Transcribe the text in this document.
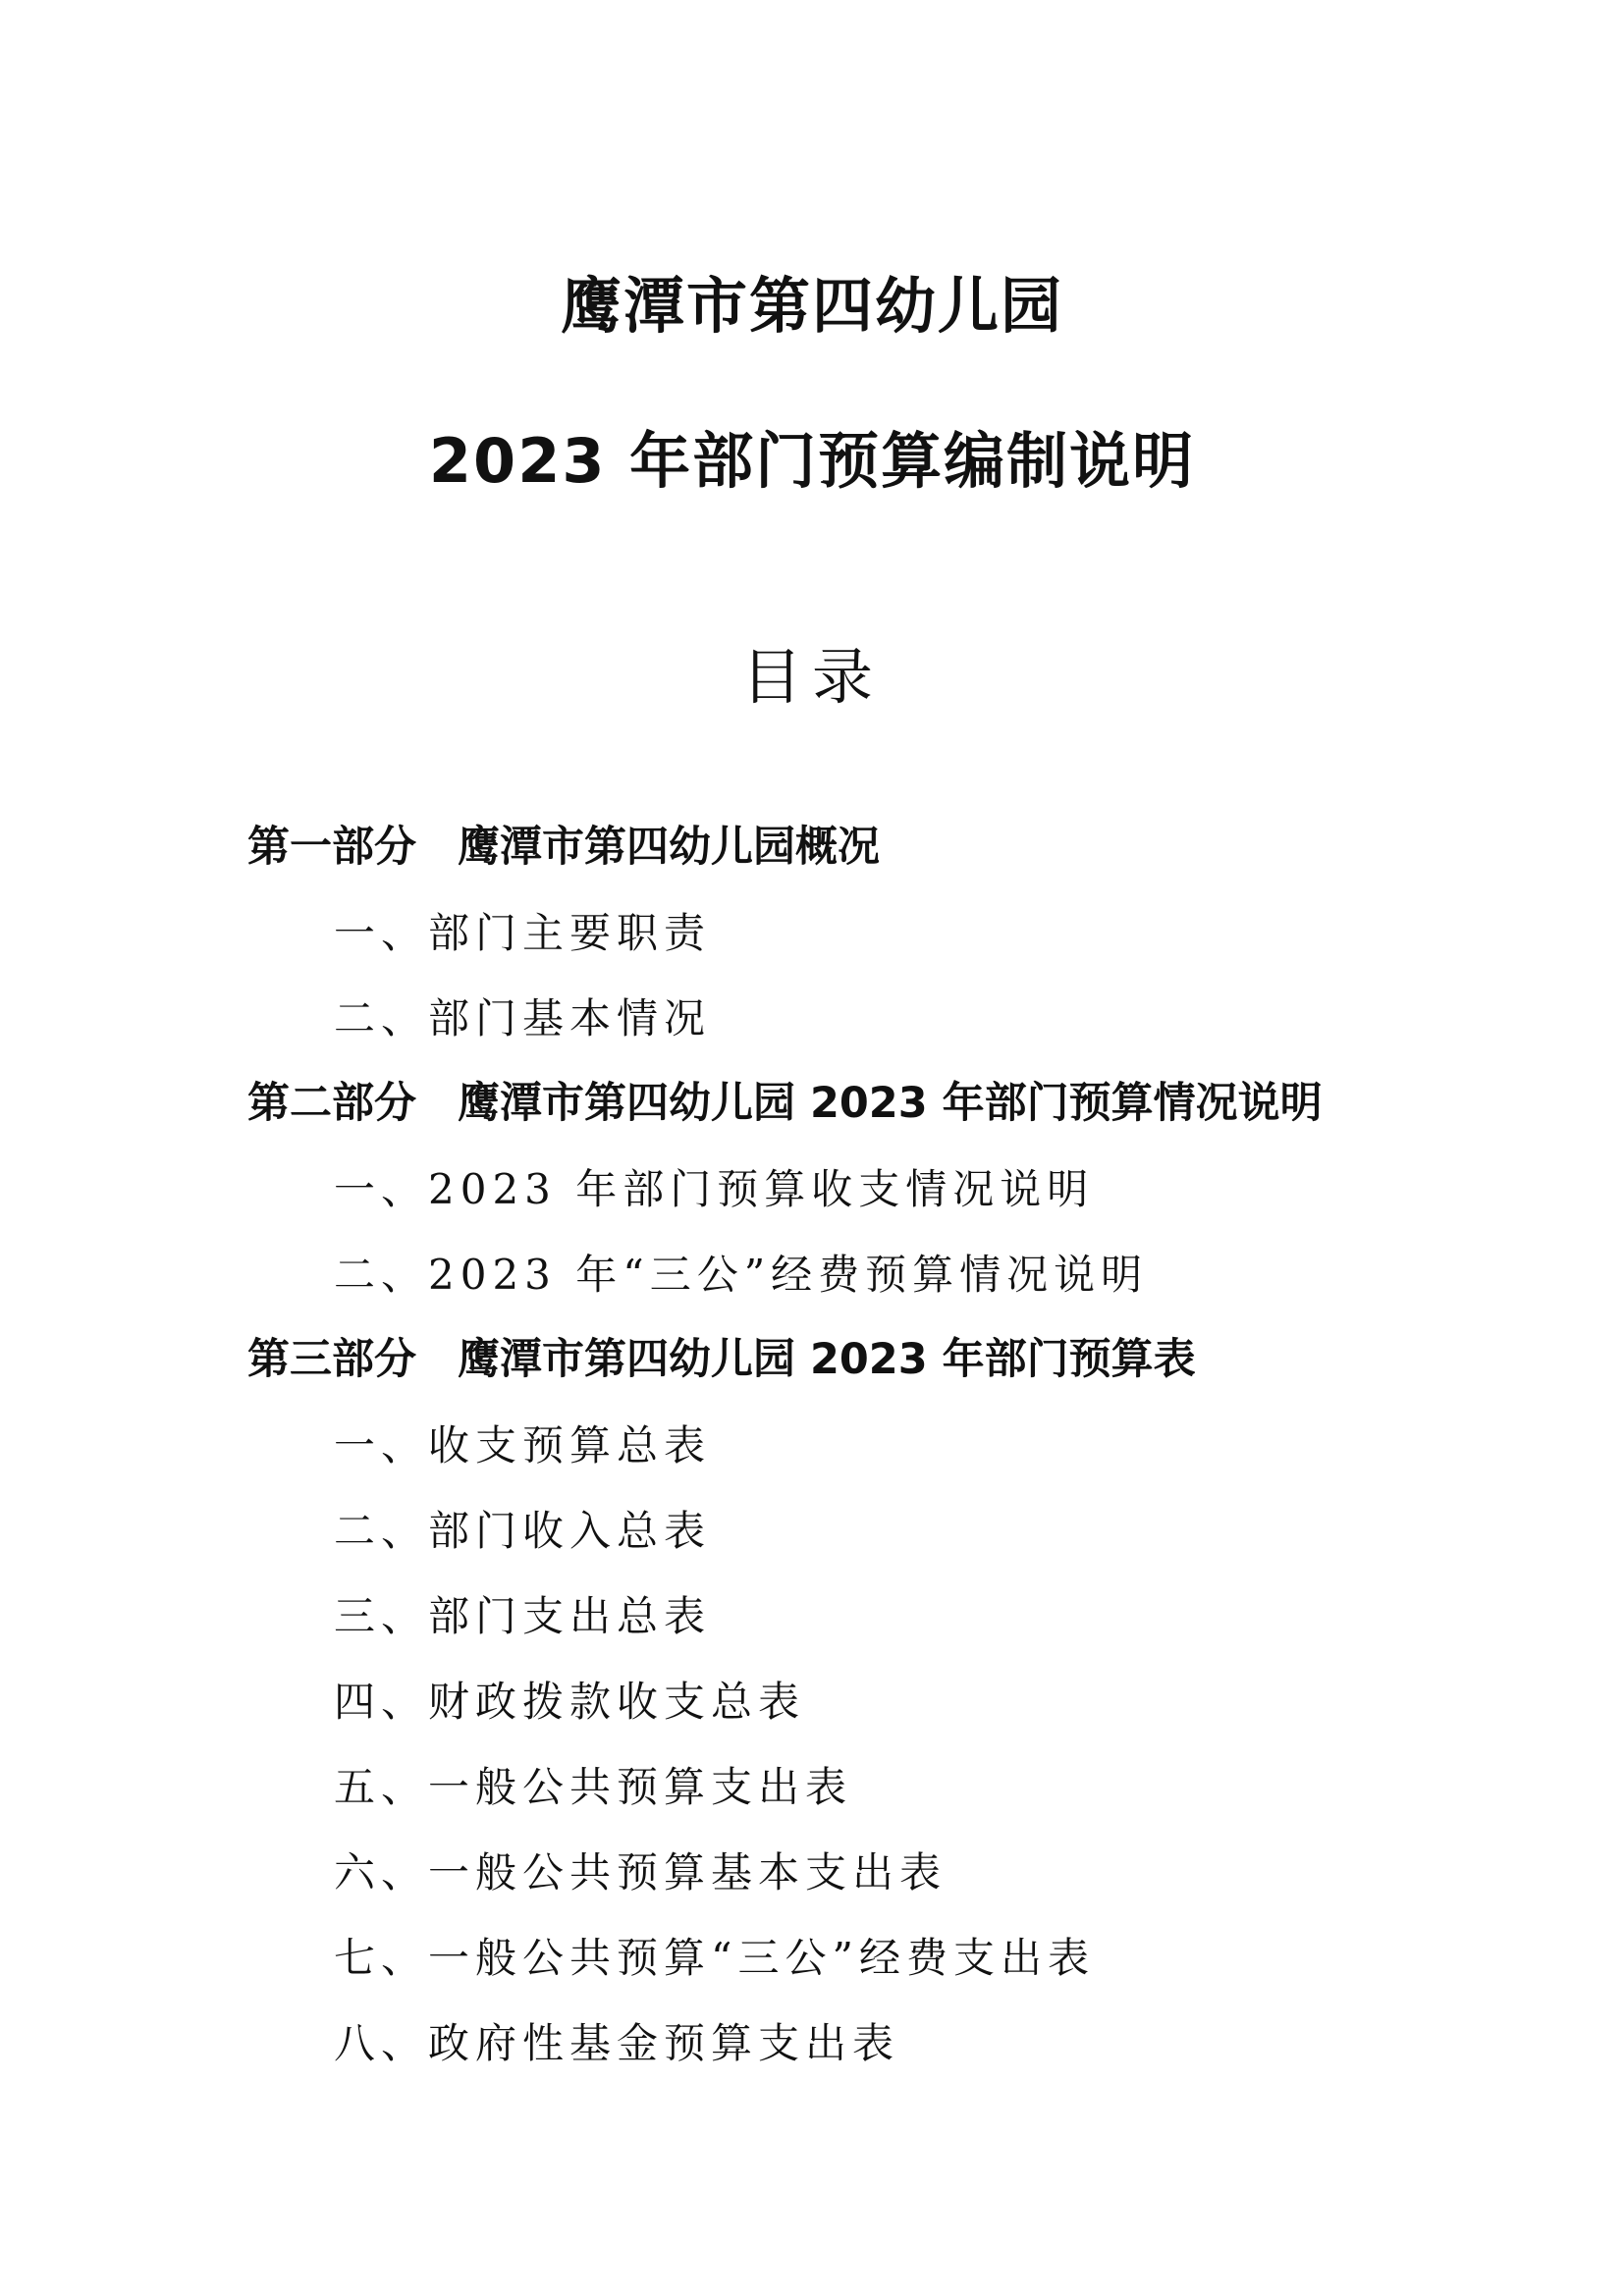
鹰潭市第四幼儿园
2023 年部门预算编制说明
目录
第一部分 鹰潭市第四幼儿园概况
一、部门主要职责
二、部门基本情况
第二部分 鹰潭市第四幼儿园 2023 年部门预算情况说明
一、2023 年部门预算收支情况说明
二、2023 年“三公”经费预算情况说明
第三部分 鹰潭市第四幼儿园 2023 年部门预算表
一、收支预算总表
二、部门收入总表
三、部门支出总表
四、财政拨款收支总表
五、一般公共预算支出表
六、一般公共预算基本支出表
七、一般公共预算“三公”经费支出表
八、政府性基金预算支出表
